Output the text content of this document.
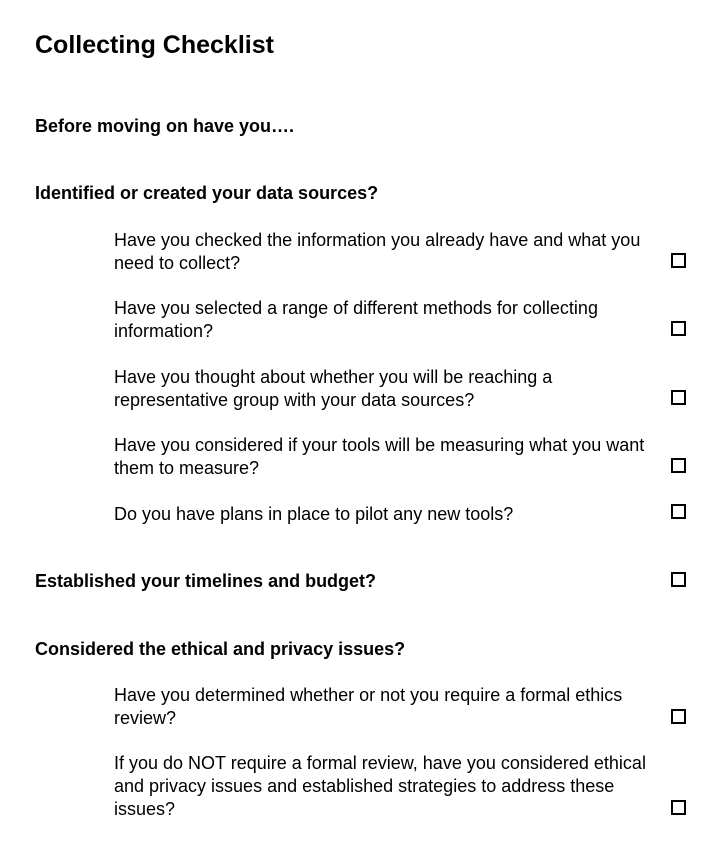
Collecting Checklist
Before moving on have you….
Identified or created your data sources?
Have you checked the information you already have and what you need to collect?
Have you selected a range of different methods for collecting information?
Have you thought about whether you will be reaching a representative group with your data sources?
Have you considered if your tools will be measuring what you want them to measure?
Do you have plans in place to pilot any new tools?
Established your timelines and budget?
Considered the ethical and privacy issues?
Have you determined whether or not you require a formal ethics review?
If you do NOT require a formal review, have you considered ethical and privacy issues and established strategies to address these issues?
